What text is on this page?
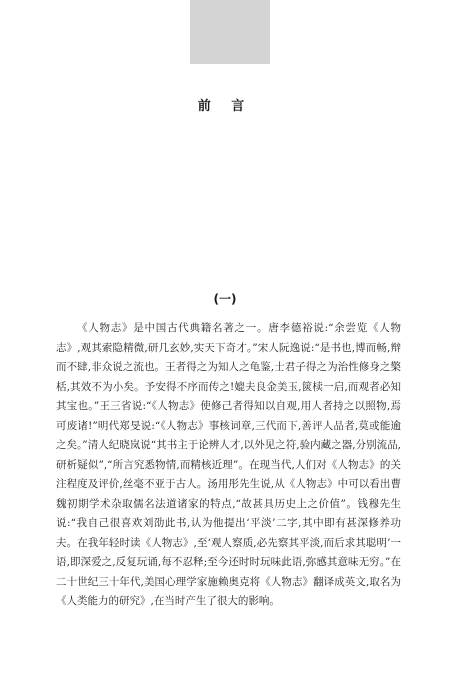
前 言
(一)

《人物志》是中国古代典籍名著之一。唐李德裕说:“余尝览《人物志》,观其索隐精微,研几玄妙,实天下奇才。”宋人阮逸说:“是书也,博而畅,辩而不肆,非众说之流也。王者得之为知人之龟鉴,士君子得之为治性修身之檠栝,其效不为小矣。予安得不序而传之!媲夫良金美玉,篋椟一启,而观者必知其宝也。”王三省说:“《人物志》使修己者得知以自观,用人者持之以照物,焉可废诸!”明代郑旻说:“《人物志》事核词章,三代而下,善评人品者,莫或能逾之矣。”清人纪晓岚说“其书主于论辨人才,以外见之符,验内藏之器,分别流品,研析疑似”,“所言究悉物情,而精核近理”。在现当代,人们对《人物志》的关注程度及评价,丝毫不亚于古人。汤用彤先生说,从《人物志》中可以看出曹魏初期学术杂取儒名法道诸家的特点,“故甚具历史上之价值”。钱穆先生说:“我自己很喜欢刘劭此书,认为他提出‘平淡’二字,其中即有甚深修养功夫。在我年轻时读《人物志》,至‘观人察质,必先察其平淡,而后求其聪明’一语,即深爱之,反复玩诵,每不忍释;至今还时时玩味此语,弥感其意味无穷。”在二十世纪三十年代,美国心理学家施赖奥克将《人物志》翻译成英文,取名为《人类能力的研究》,在当时产生了很大的影响。
